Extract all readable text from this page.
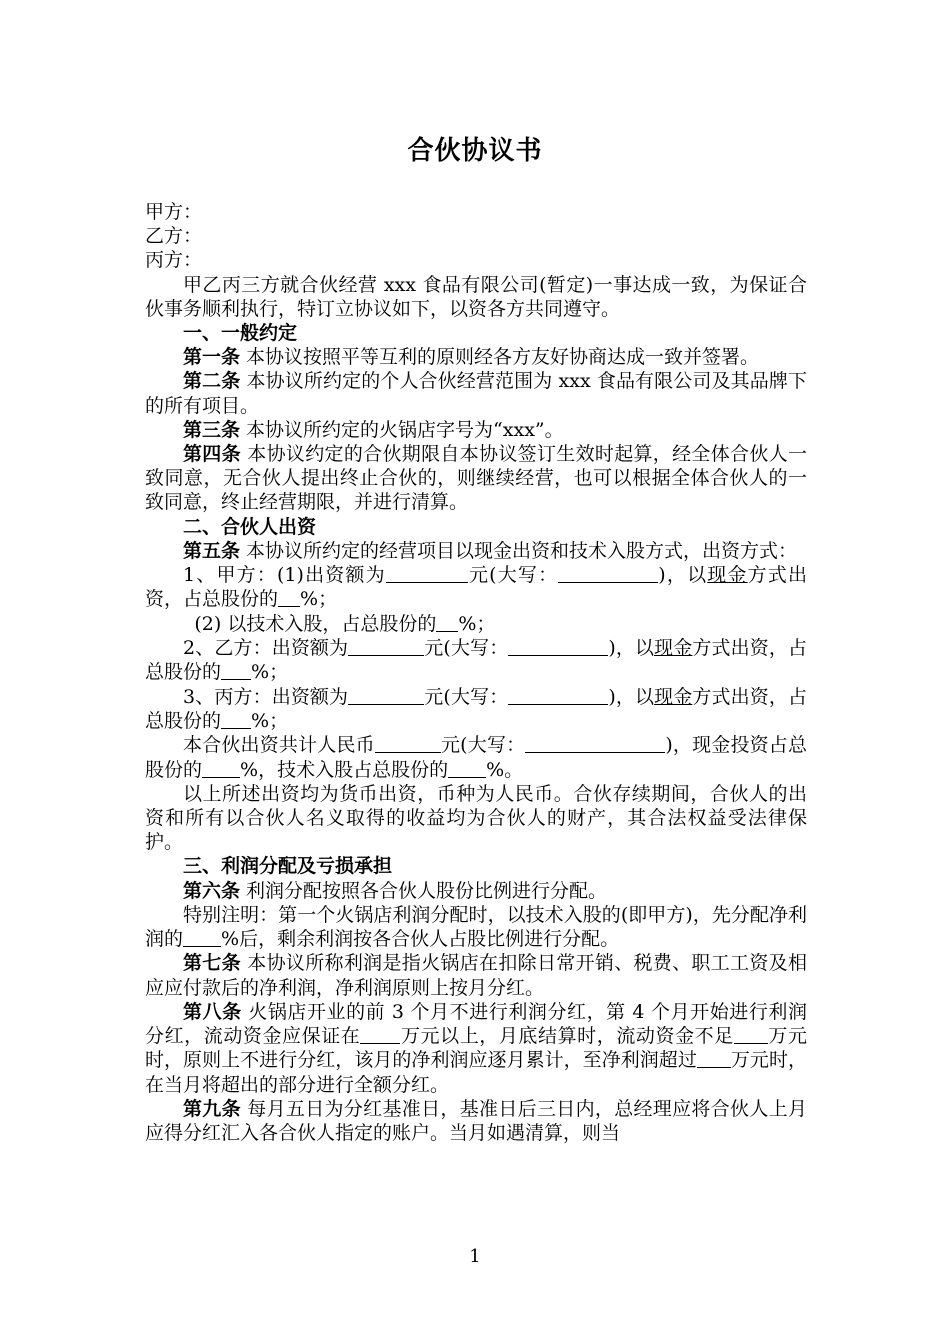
合伙协议书

甲方：

乙方：

丙方：

甲乙丙三方就合伙经营 xxx 食品有限公司(暂定)一事达成一致，为保证合伙事务顺利执行，特订立协议如下，以资各方共同遵守。

一、一般约定

第一条 本协议按照平等互利的原则经各方友好协商达成一致并签署。

第二条 本协议所约定的个人合伙经营范围为 xxx 食品有限公司及其品牌下的所有项目。

第三条 本协议所约定的火锅店字号为“xxx”。

第四条 本协议约定的合伙期限自本协议签订生效时起算，经全体合伙人一致同意，无合伙人提出终止合伙的，则继续经营，也可以根据全体合伙人的一致同意，终止经营期限，并进行清算。

二、合伙人出资

第五条 本协议所约定的经营项目以现金出资和技术入股方式，出资方式：

1、甲方：(1)出资额为	元(大写：	)，以现金方式出资，占总股份的 %；

(2) 以技术入股，占总股份的 %；

2、乙方：出资额为	元(大写：	)，以现金方式出资，占总股份的 %；

3、丙方：出资额为	元(大写：	)，以现金方式出资，占总股份的 %；

本合伙出资共计人民币	元(大写：	)，现金投资占总股份的 %，技术入股占总股份的 %。

以上所述出资均为货币出资，币种为人民币。合伙存续期间，合伙人的出资和所有以合伙人名义取得的收益均为合伙人的财产，其合法权益受法律保护。

三、利润分配及亏损承担

第六条 利润分配按照各合伙人股份比例进行分配。

特别注明：第一个火锅店利润分配时，以技术入股的(即甲方)，先分配净利润的 %后，剩余利润按各合伙人占股比例进行分配。

第七条 本协议所称利润是指火锅店在扣除日常开销、税费、职工工资及相应应付款后的净利润，净利润原则上按月分红。

第八条 火锅店开业的前 3 个月不进行利润分红，第 4 个月开始进行利润分红，流动资金应保证在 万元以上，月底结算时，流动资金不足 万元时，原则上不进行分红，该月的净利润应逐月累计，至净利润超过 万元时，在当月将超出的部分进行全额分红。

第九条 每月五日为分红基准日，基准日后三日内，总经理应将合伙人上月应得分红汇入各合伙人指定的账户。当月如遇清算，则当

1
